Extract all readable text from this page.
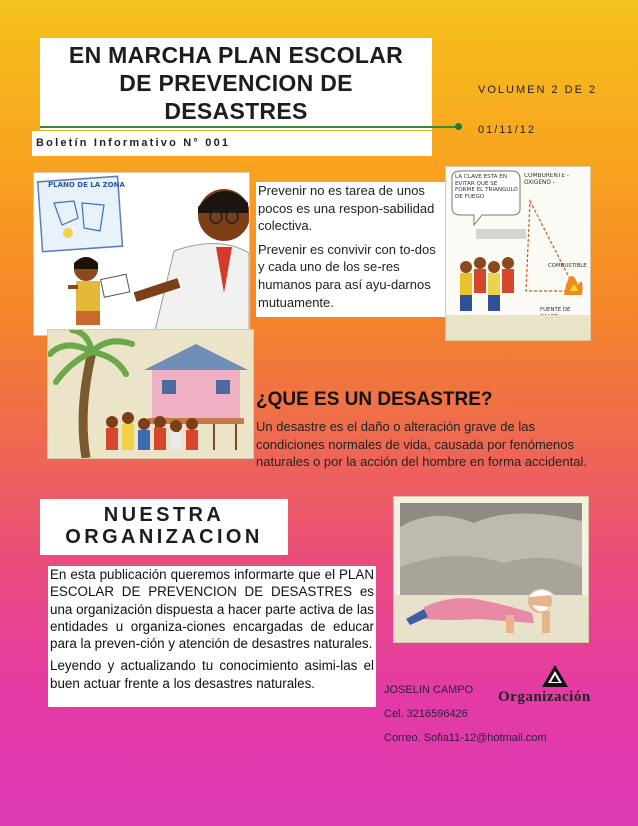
EN MARCHA PLAN ESCOLAR
DE PREVENCION DE
DESASTRES
VOLUMEN 2 DE 2
01/11/12
Boletín Informativo N° 001
PLANO DE LA ZONA	Prevenir no es tarea de unos pocos es una respon-sabilidad colectiva.

Prevenir es convivir con to-dos y cada uno de los se-res humanos para así ayu-darnos mutuamente.

LA CLAVE ESTA EN EVITAR QUE SE FORME EL TRIANGULO DE FUEGO
COMBURENTE - OXIGENO -
COMBUSTIBLE
FUENTE DE
¿QUE ES UN DESASTRE?
Un desastre es el daño o alteración grave de las condiciones normales de vida, causada por fenómenos naturales o por la acción del hombre en forma accidental.
NUESTRA
ORGANIZACION

En esta publicación queremos informarte que el PLAN ESCOLAR DE PREVENCION DE DESASTRES es una organización dispuesta a hacer parte activa de las entidades u organiza-ciones encargadas de educar para la preven-ción y atención de desastres naturales.

Leyendo y actualizando tu conocimiento asimi-las el buen actuar frente a los desastres naturales.	JOSELIN CAMPO
Cel. 3216596426
Correo. Sofia11-12@hotmail.com
Organización
